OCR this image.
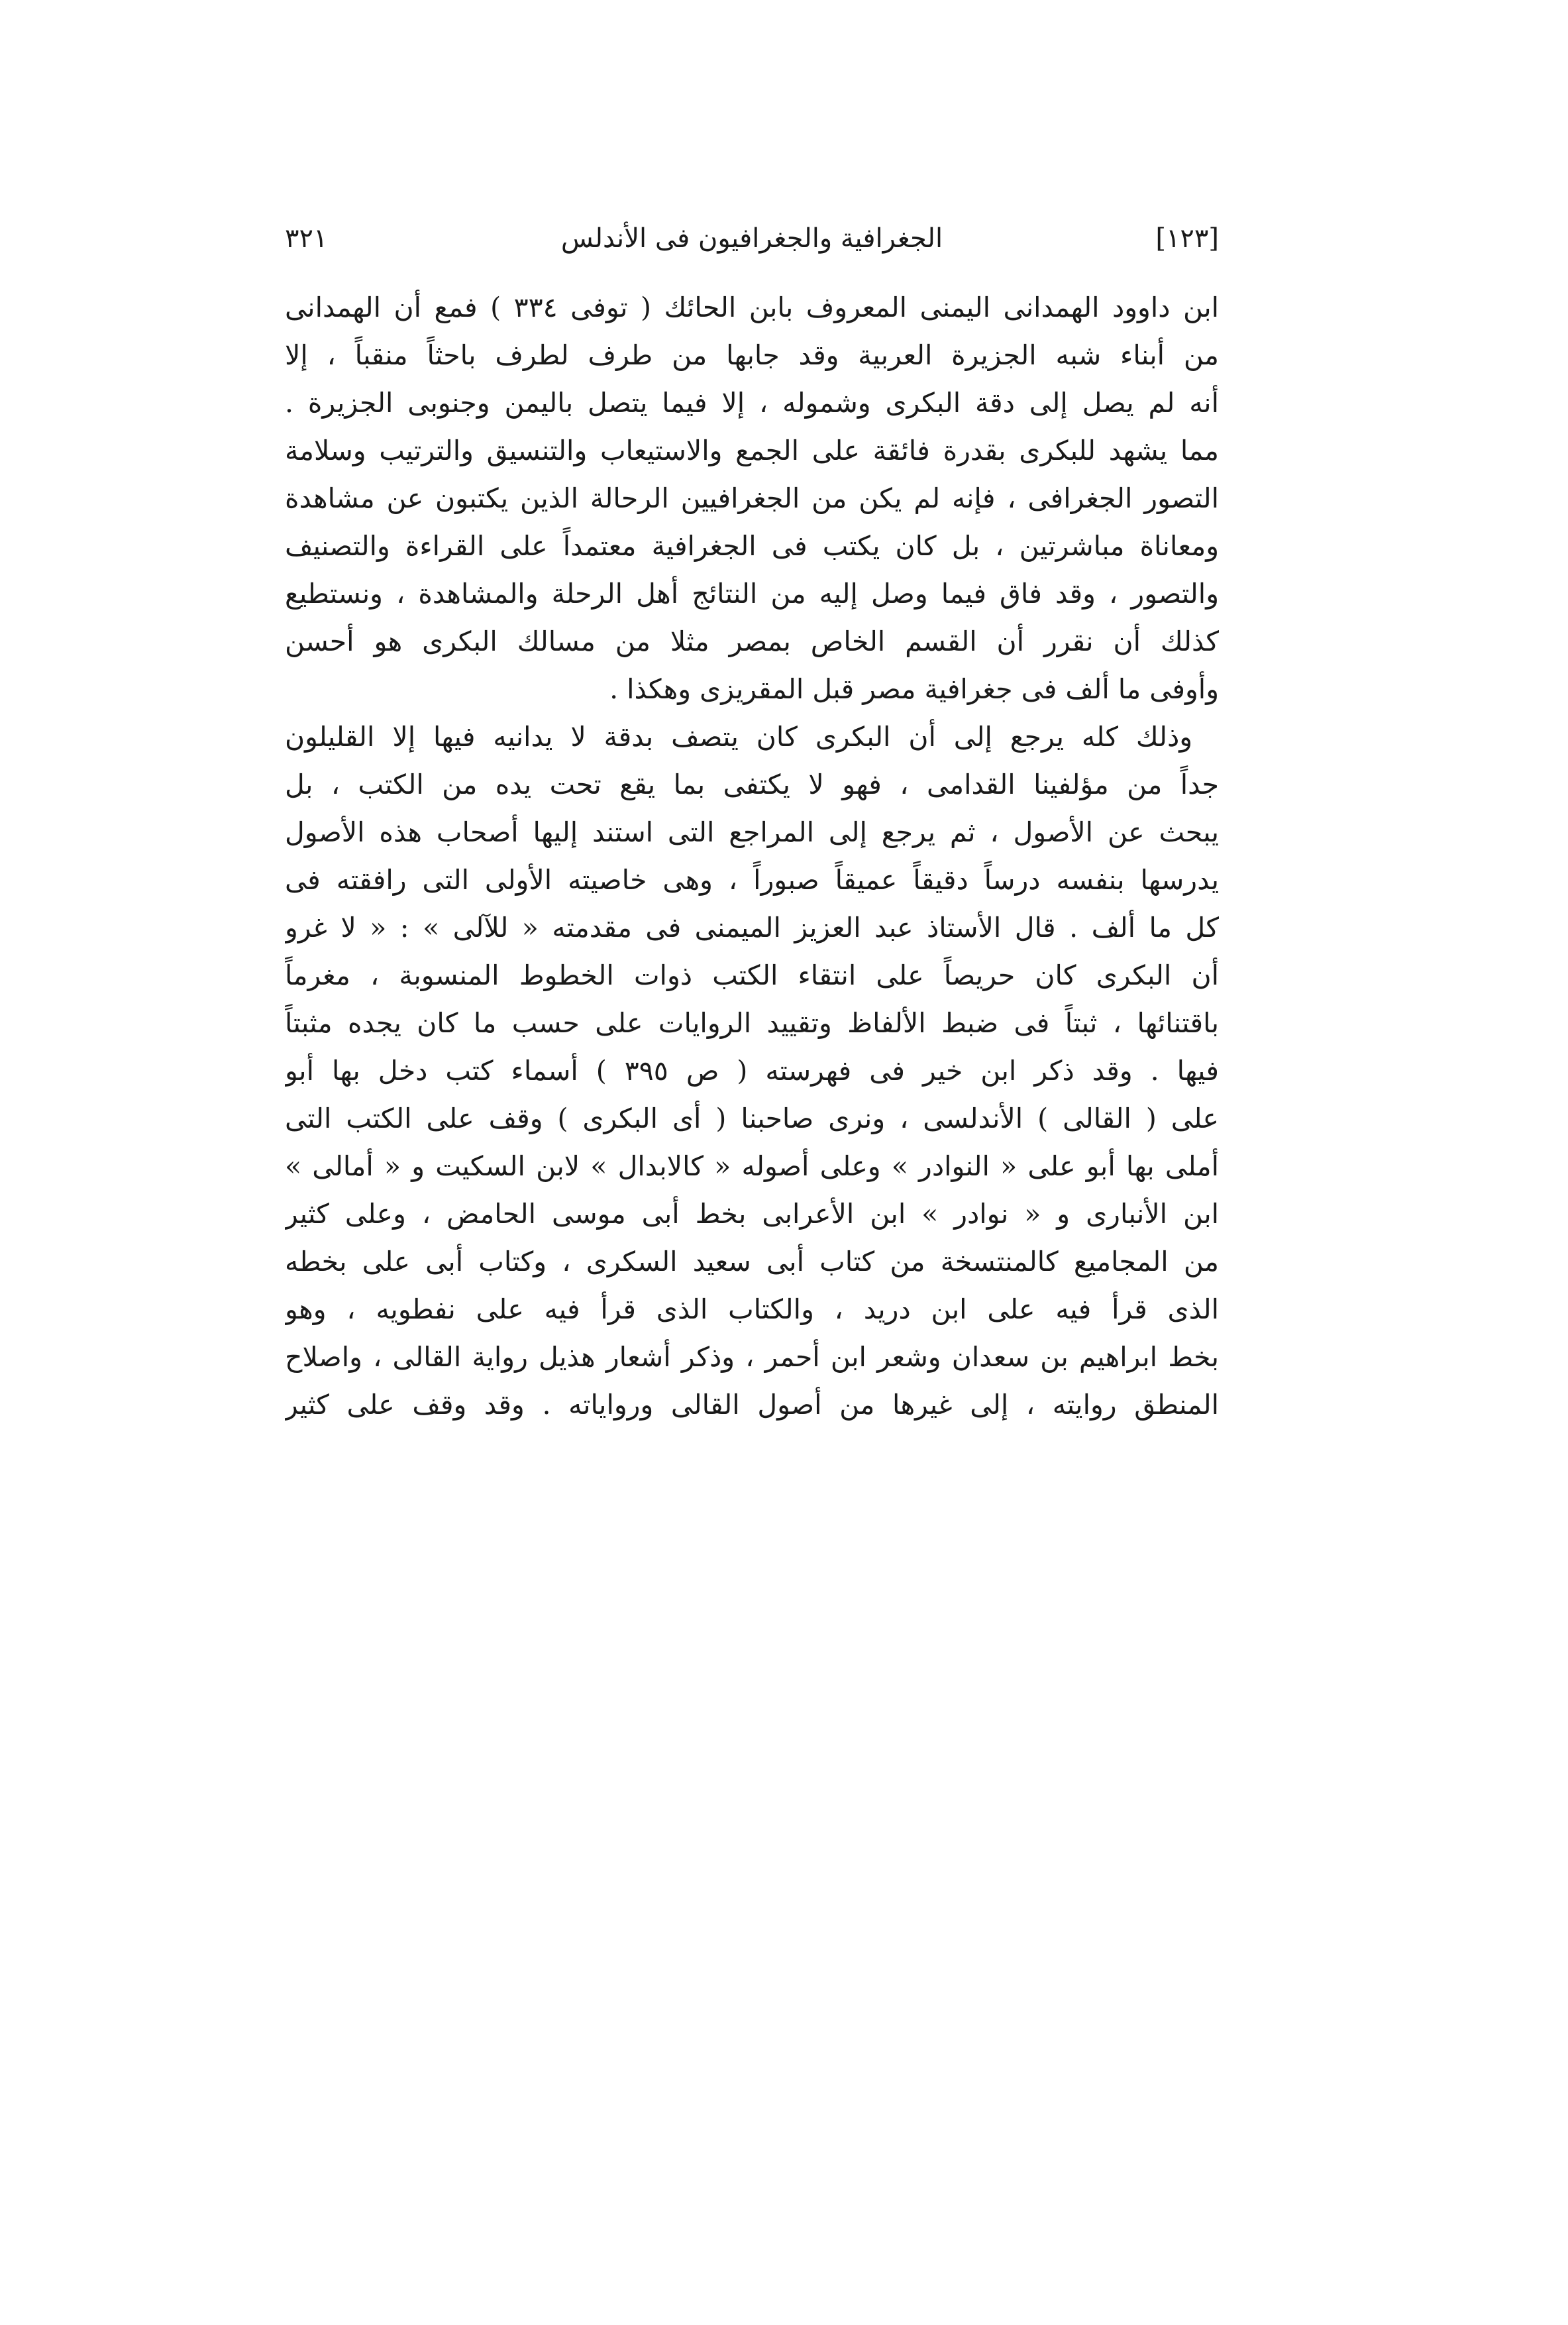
[١٢٣]
الجغرافية والجغرافيون فى الأندلس
٣٢١
ابن داوود الهمدانى اليمنى المعروف بابن الحائك ( توفى ٣٣٤ ) فمع أن الهمدانى
من أبناء شبه الجزيرة العربية وقد جابها من طرف لطرف باحثاً منقباً ، إلا
أنه لم يصل إلى دقة البكرى وشموله ، إلا فيما يتصل باليمن وجنوبى الجزيرة .
مما يشهد للبكرى بقدرة فائقة على الجمع والاستيعاب والتنسيق والترتيب وسلامة
التصور الجغرافى ، فإنه لم يكن من الجغرافيين الرحالة الذين يكتبون عن مشاهدة
ومعاناة مباشرتين ، بل كان يكتب فى الجغرافية معتمداً على القراءة والتصنيف
والتصور ، وقد فاق فيما وصل إليه من النتائج أهل الرحلة والمشاهدة ، ونستطيع
كذلك أن نقرر أن القسم الخاص بمصر مثلا من مسالك البكرى هو أحسن
وأوفى ما ألف فى جغرافية مصر قبل المقريزى وهكذا .
وذلك كله يرجع إلى أن البكرى كان يتصف بدقة لا يدانيه فيها إلا القليلون
جداً من مؤلفينا القدامى ، فهو لا يكتفى بما يقع تحت يده من الكتب ، بل
يبحث عن الأصول ، ثم يرجع إلى المراجع التى استند إليها أصحاب هذه الأصول
يدرسها بنفسه درساً دقيقاً عميقاً صبوراً ، وهى خاصيته الأولى التى رافقته فى
كل ما ألف . قال الأستاذ عبد العزيز الميمنى فى مقدمته « للآلى » : « لا غرو
أن البكرى كان حريصاً على انتقاء الكتب ذوات الخطوط المنسوبة ، مغرماً
باقتنائها ، ثبتاً فى ضبط الألفاظ وتقييد الروايات على حسب ما كان يجده مثبتاً
فيها . وقد ذكر ابن خير فى فهرسته ( ص ٣٩٥ ) أسماء كتب دخل بها أبو
على ( القالى ) الأندلسى ، ونرى صاحبنا ( أى البكرى ) وقف على الكتب التى
أملى بها أبو على « النوادر » وعلى أصوله « كالابدال » لابن السكيت و « أمالى »
ابن الأنبارى و « نوادر » ابن الأعرابى بخط أبى موسى الحامض ، وعلى كثير
من المجاميع كالمنتسخة من كتاب أبى سعيد السكرى ، وكتاب أبى على بخطه
الذى قرأ فيه على ابن دريد ، والكتاب الذى قرأ فيه على نفطويه ، وهو
بخط ابراهيم بن سعدان وشعر ابن أحمر ، وذكر أشعار هذيل رواية القالى ، واصلاح
المنطق روايته ، إلى غيرها من أصول القالى ورواياته . وقد وقف على كثير
